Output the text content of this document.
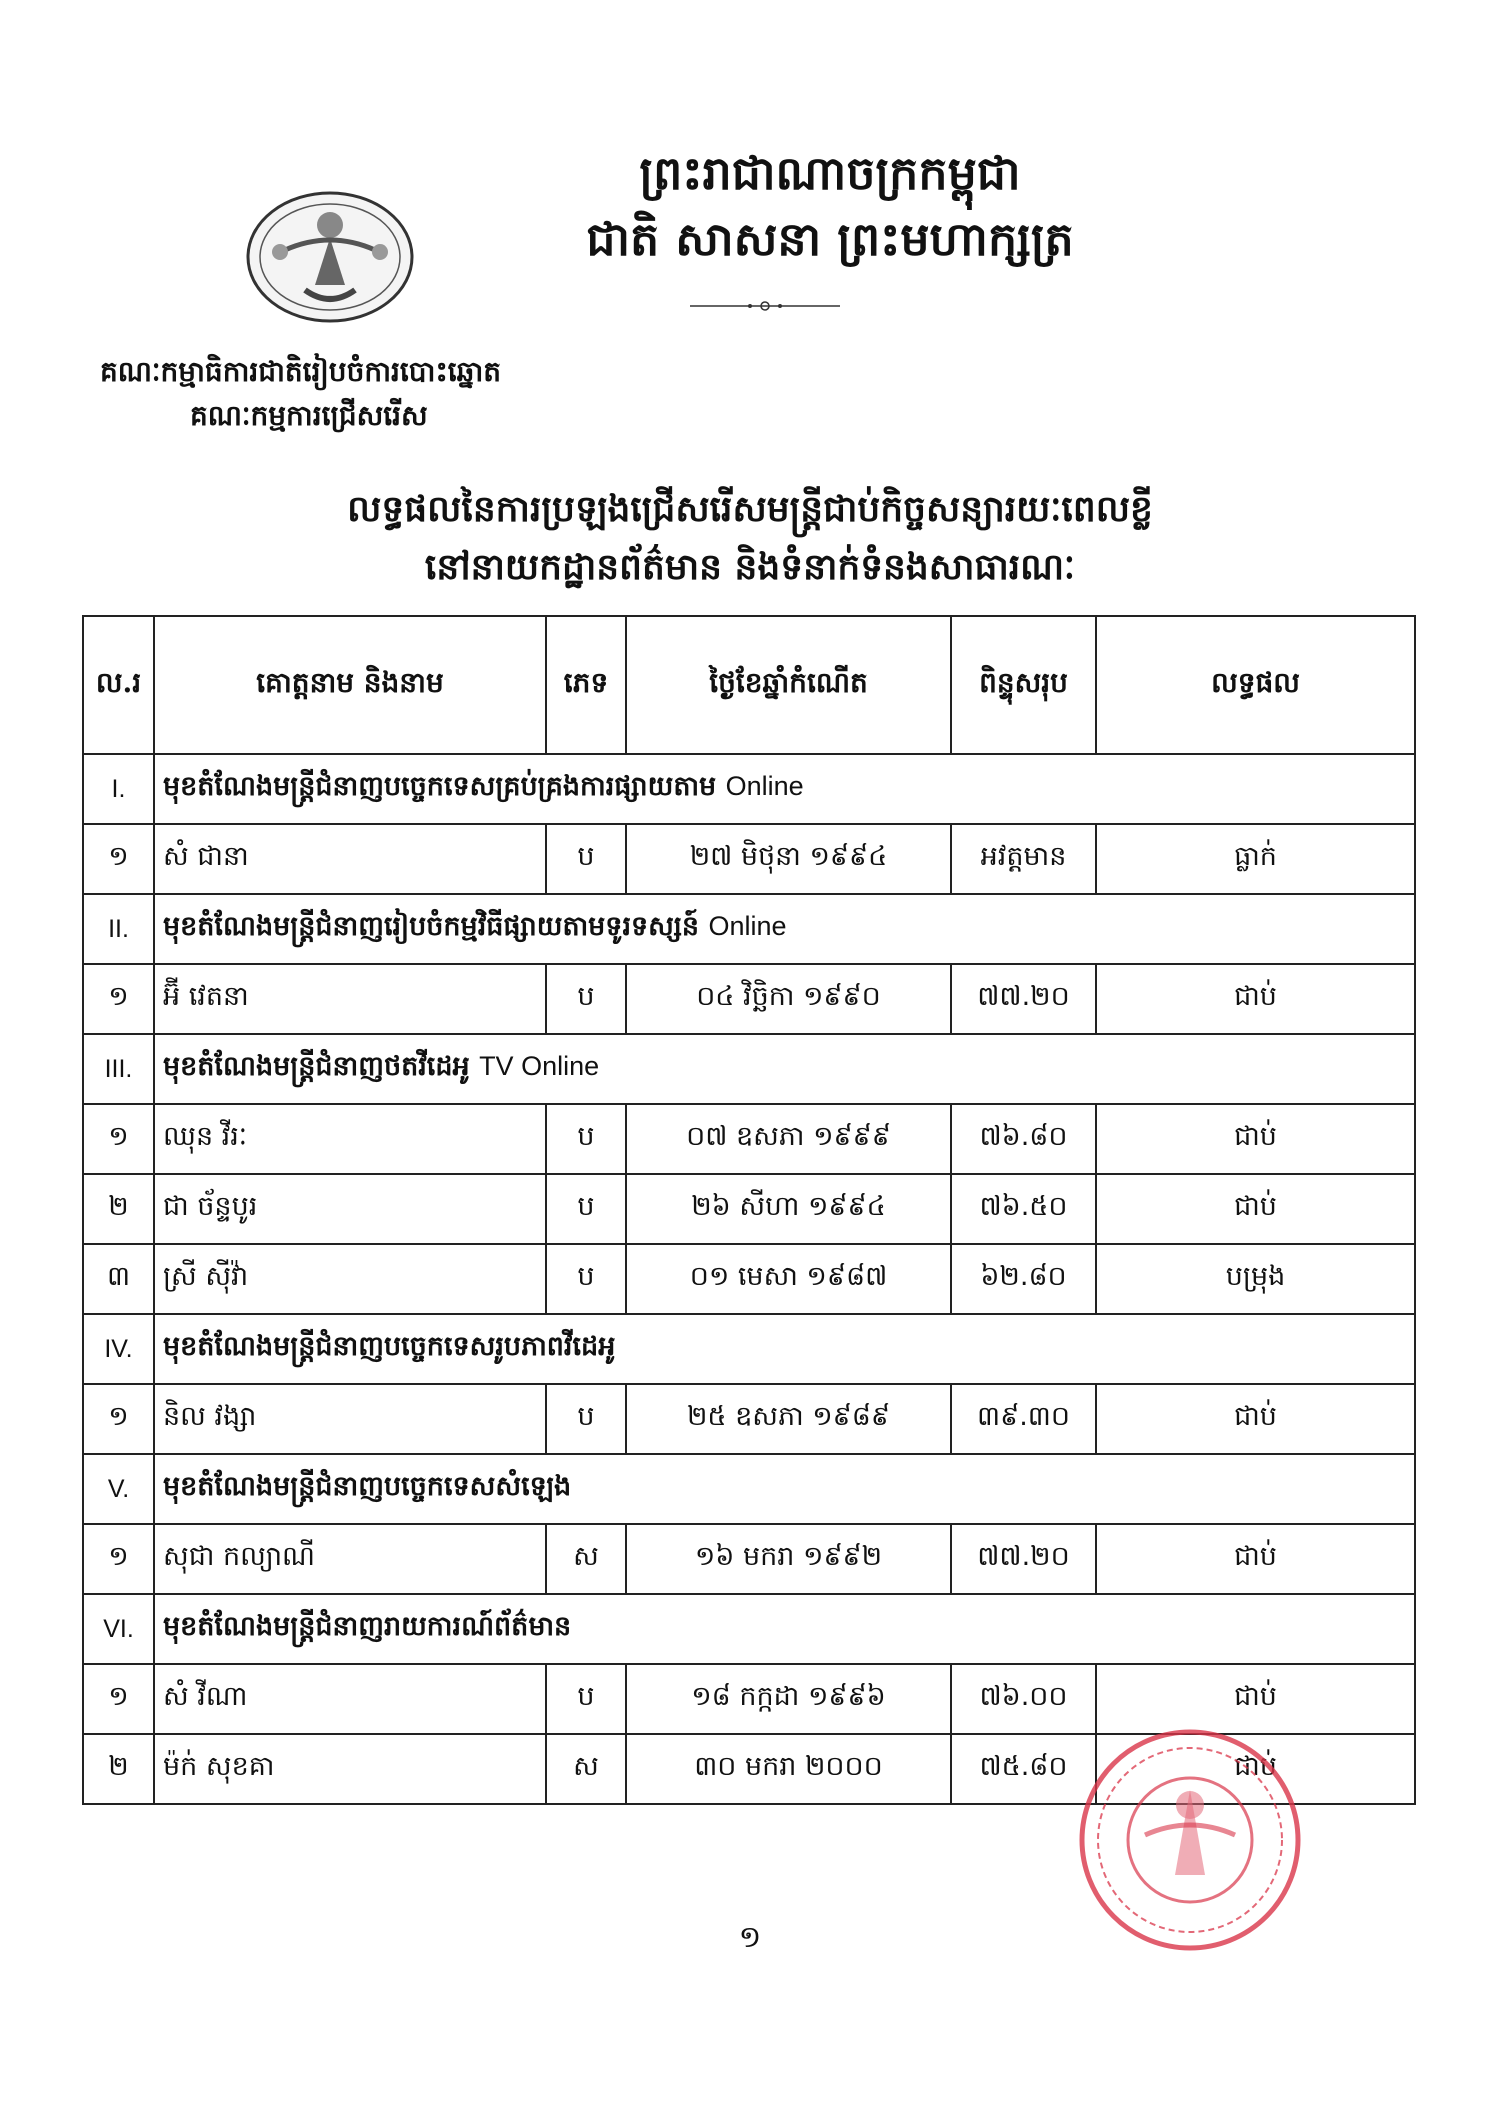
ព្រះរាជាណាចក្រកម្ពុជា
ជាតិ សាសនា ព្រះមហាក្សត្រ
គណៈកម្មាធិការជាតិរៀបចំការបោះឆ្នោត
គណៈកម្មការជ្រើសរើស
លទ្ធផលនៃការប្រឡងជ្រើសរើសមន្ត្រីជាប់កិច្ចសន្យារយៈពេលខ្លី
នៅនាយកដ្ឋានព័ត៌មាន និងទំនាក់ទំនងសាធារណៈ
ល.រ	គោត្តនាម និងនាម	ភេទ	ថ្ងៃខែឆ្នាំកំណើត	ពិន្ទុសរុប	លទ្ធផល
I.	មុខតំណែងមន្ត្រីជំនាញបច្ចេកទេសគ្រប់គ្រងការផ្សាយតាម Online				
១	សំ ជានា	ប	២៧ មិថុនា ១៩៩៤	អវត្តមាន	ធ្លាក់
II.	មុខតំណែងមន្ត្រីជំនាញរៀបចំកម្មវិធីផ្សាយតាមទូរទស្សន៍ Online				
១	អ៊ី វេតនា	ប	០៤ វិច្ឆិកា ១៩៩០	៧៧.២០	ជាប់
III.	មុខតំណែងមន្ត្រីជំនាញថតវីដេអូ TV Online				
១	ឈុន វីរៈ	ប	០៧ ឧសភា ១៩៩៩	៧៦.៨០	ជាប់
២	ជា ច័ន្ទបូរ	ប	២៦ សីហា ១៩៩៤	៧៦.៥០	ជាប់
៣	ស្រី ស៊ីវ៉ា	ប	០១ មេសា ១៩៨៧	៦២.៨០	បម្រុង
IV.	មុខតំណែងមន្ត្រីជំនាញបច្ចេកទេសរូបភាពវីដេអូ				
១	និល វង្សា	ប	២៥ ឧសភា ១៩៨៩	៣៩.៣០	ជាប់
V.	មុខតំណែងមន្ត្រីជំនាញបច្ចេកទេសសំឡេង				
១	សុជា កល្យាណី	ស	១៦ មករា ១៩៩២	៧៧.២០	ជាប់
VI.	មុខតំណែងមន្ត្រីជំនាញរាយការណ៍ព័ត៌មាន				
១	សំ វីណា	ប	១៨ កក្កដា ១៩៩៦	៧៦.០០	ជាប់
២	ម៉ក់ សុខគា	ស	៣០ មករា ២០០០	៧៥.៨០	ជាប់
១
